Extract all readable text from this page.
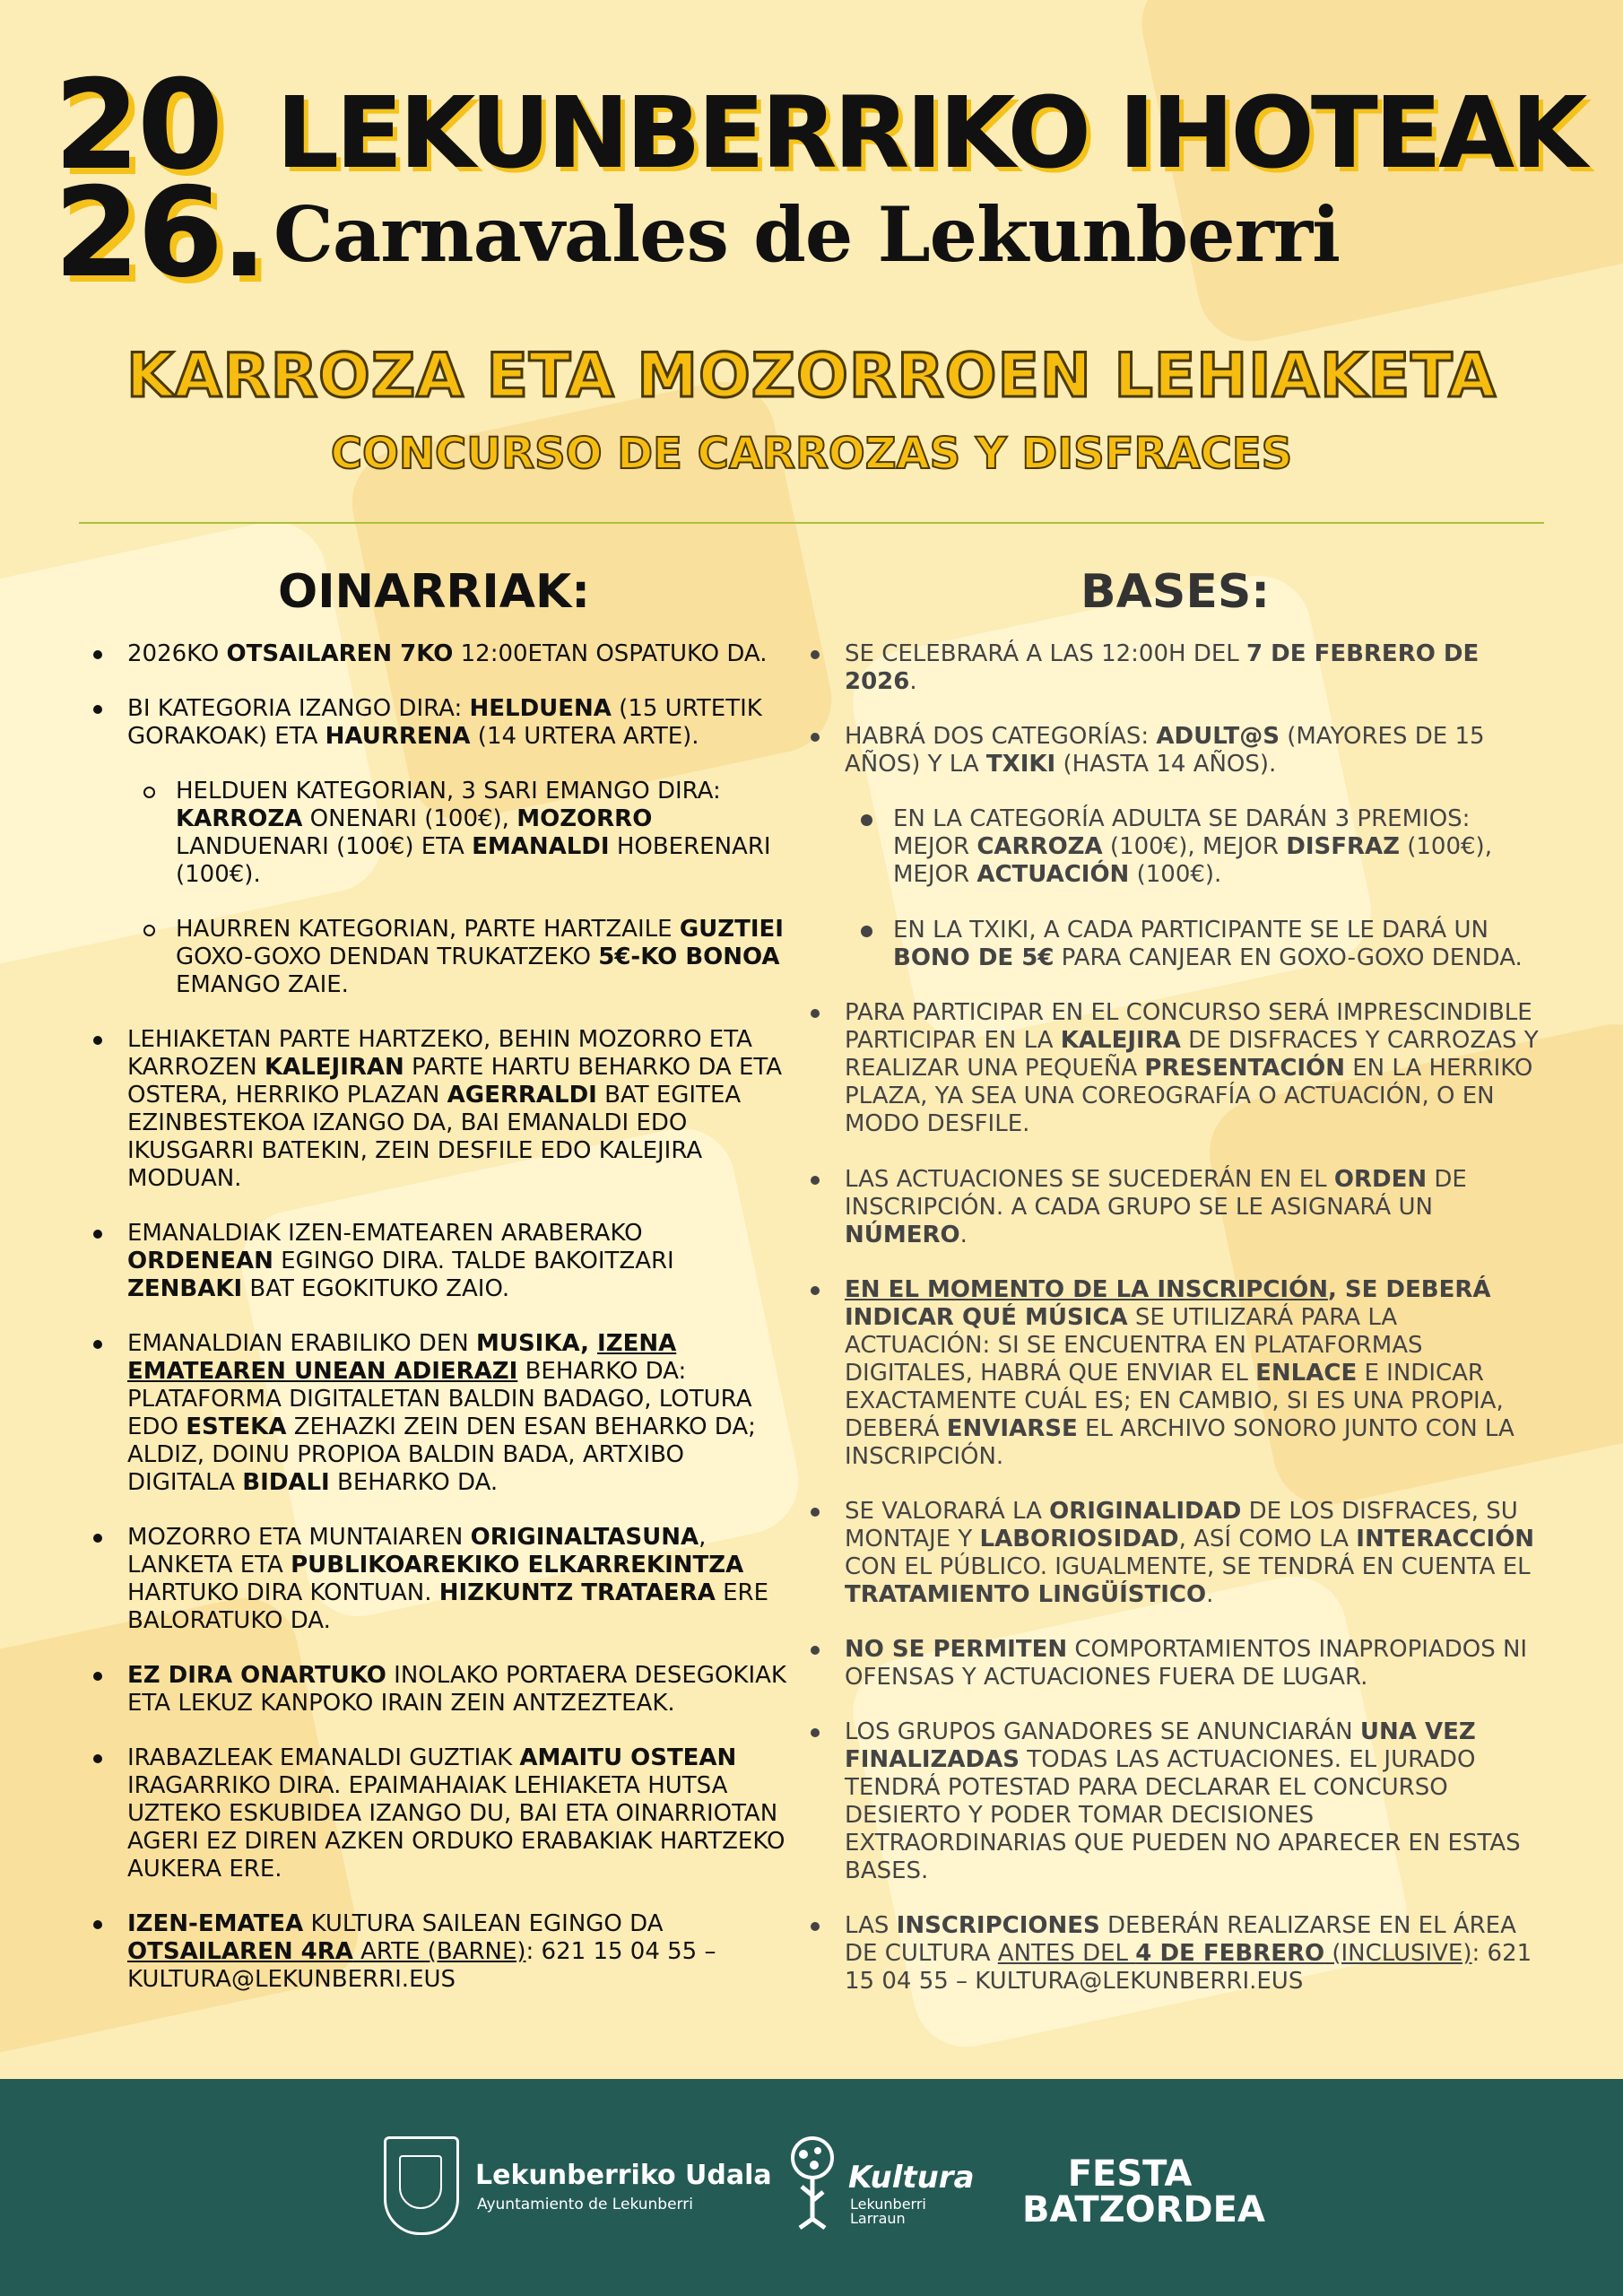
20
26.
LEKUNBERRIKO IHOTEAK
Carnavales de Lekunberri
KARROZA ETA MOZORROEN LEHIAKETA
CONCURSO DE CARROZAS Y DISFRACES
OINARRIAK:	BASES:
2026KO OTSAILAREN 7KO 12:00ETAN OSPATUKO DA.
BI KATEGORIA IZANGO DIRA: HELDUENA (15 URTETIK GORAKOAK) ETA HAURRENA (14 URTERA ARTE).
HELDUEN KATEGORIAN, 3 SARI EMANGO DIRA: KARROZA ONENARI (100€), MOZORRO LANDUENARI (100€) ETA EMANALDI HOBERENARI (100€).
HAURREN KATEGORIAN, PARTE HARTZAILE GUZTIEI GOXO-GOXO DENDAN TRUKATZEKO 5€-KO BONOA EMANGO ZAIE.
LEHIAKETAN PARTE HARTZEKO, BEHIN MOZORRO ETA KARROZEN KALEJIRAN PARTE HARTU BEHARKO DA ETA OSTERA, HERRIKO PLAZAN AGERRALDI BAT EGITEA EZINBESTEKOA IZANGO DA, BAI EMANALDI EDO IKUSGARRI BATEKIN, ZEIN DESFILE EDO KALEJIRA MODUAN.
EMANALDIAK IZEN-EMATEAREN ARABERAKO ORDENEAN EGINGO DIRA. TALDE BAKOITZARI ZENBAKI BAT EGOKITUKO ZAIO.
EMANALDIAN ERABILIKO DEN MUSIKA, IZENA EMATEAREN UNEAN ADIERAZI BEHARKO DA: PLATAFORMA DIGITALETAN BALDIN BADAGO, LOTURA EDO ESTEKA ZEHAZKI ZEIN DEN ESAN BEHARKO DA; ALDIZ, DOINU PROPIOA BALDIN BADA, ARTXIBO DIGITALA BIDALI BEHARKO DA.
MOZORRO ETA MUNTAIAREN ORIGINALTASUNA, LANKETA ETA PUBLIKOAREKIKO ELKARREKINTZA HARTUKO DIRA KONTUAN. HIZKUNTZ TRATAERA ERE BALORATUKO DA.
EZ DIRA ONARTUKO INOLAKO PORTAERA DESEGOKIAK ETA LEKUZ KANPOKO IRAIN ZEIN ANTZEZTEAK.
IRABAZLEAK EMANALDI GUZTIAK AMAITU OSTEAN IRAGARRIKO DIRA. EPAIMAHAIAK LEHIAKETA HUTSA UZTEKO ESKUBIDEA IZANGO DU, BAI ETA OINARRIOTAN AGERI EZ DIREN AZKEN ORDUKO ERABAKIAK HARTZEKO AUKERA ERE.
IZEN-EMATEA KULTURA SAILEAN EGINGO DA OTSAILAREN 4RA ARTE (BARNE): 621 15 04 55 – KULTURA@LEKUNBERRI.EUS
SE CELEBRARÁ A LAS 12:00H DEL 7 DE FEBRERO DE 2026.
HABRÁ DOS CATEGORÍAS: ADULT@S (MAYORES DE 15 AÑOS) Y LA TXIKI (HASTA 14 AÑOS).
EN LA CATEGORÍA ADULTA SE DARÁN 3 PREMIOS: MEJOR CARROZA (100€), MEJOR DISFRAZ (100€), MEJOR ACTUACIÓN (100€).
EN LA TXIKI, A CADA PARTICIPANTE SE LE DARÁ UN BONO DE 5€ PARA CANJEAR EN GOXO-GOXO DENDA.
PARA PARTICIPAR EN EL CONCURSO SERÁ IMPRESCINDIBLE PARTICIPAR EN LA KALEJIRA DE DISFRACES Y CARROZAS Y REALIZAR UNA PEQUEÑA PRESENTACIÓN EN LA HERRIKO PLAZA, YA SEA UNA COREOGRAFÍA O ACTUACIÓN, O EN MODO DESFILE.
LAS ACTUACIONES SE SUCEDERÁN EN EL ORDEN DE INSCRIPCIÓN. A CADA GRUPO SE LE ASIGNARÁ UN NÚMERO.
EN EL MOMENTO DE LA INSCRIPCIÓN, SE DEBERÁ INDICAR QUÉ MÚSICA SE UTILIZARÁ PARA LA ACTUACIÓN: SI SE ENCUENTRA EN PLATAFORMAS DIGITALES, HABRÁ QUE ENVIAR EL ENLACE E INDICAR EXACTAMENTE CUÁL ES; EN CAMBIO, SI ES UNA PROPIA, DEBERÁ ENVIARSE EL ARCHIVO SONORO JUNTO CON LA INSCRIPCIÓN.
SE VALORARÁ LA ORIGINALIDAD DE LOS DISFRACES, SU MONTAJE Y LABORIOSIDAD, ASÍ COMO LA INTERACCIÓN CON EL PÚBLICO. IGUALMENTE, SE TENDRÁ EN CUENTA EL TRATAMIENTO LINGÜÍSTICO.
NO SE PERMITEN COMPORTAMIENTOS INAPROPIADOS NI OFENSAS Y ACTUACIONES FUERA DE LUGAR.
LOS GRUPOS GANADORES SE ANUNCIARÁN UNA VEZ FINALIZADAS TODAS LAS ACTUACIONES. EL JURADO TENDRÁ POTESTAD PARA DECLARAR EL CONCURSO DESIERTO Y PODER TOMAR DECISIONES EXTRAORDINARIAS QUE PUEDEN NO APARECER EN ESTAS BASES.
LAS INSCRIPCIONES DEBERÁN REALIZARSE EN EL ÁREA DE CULTURA ANTES DEL 4 DE FEBRERO (INCLUSIVE): 621 15 04 55 – KULTURA@LEKUNBERRI.EUS
Lekunberriko Udala
Ayuntamiento de Lekunberri
Kultura
Lekunberri
Larraun
FESTA
BATZORDEA
